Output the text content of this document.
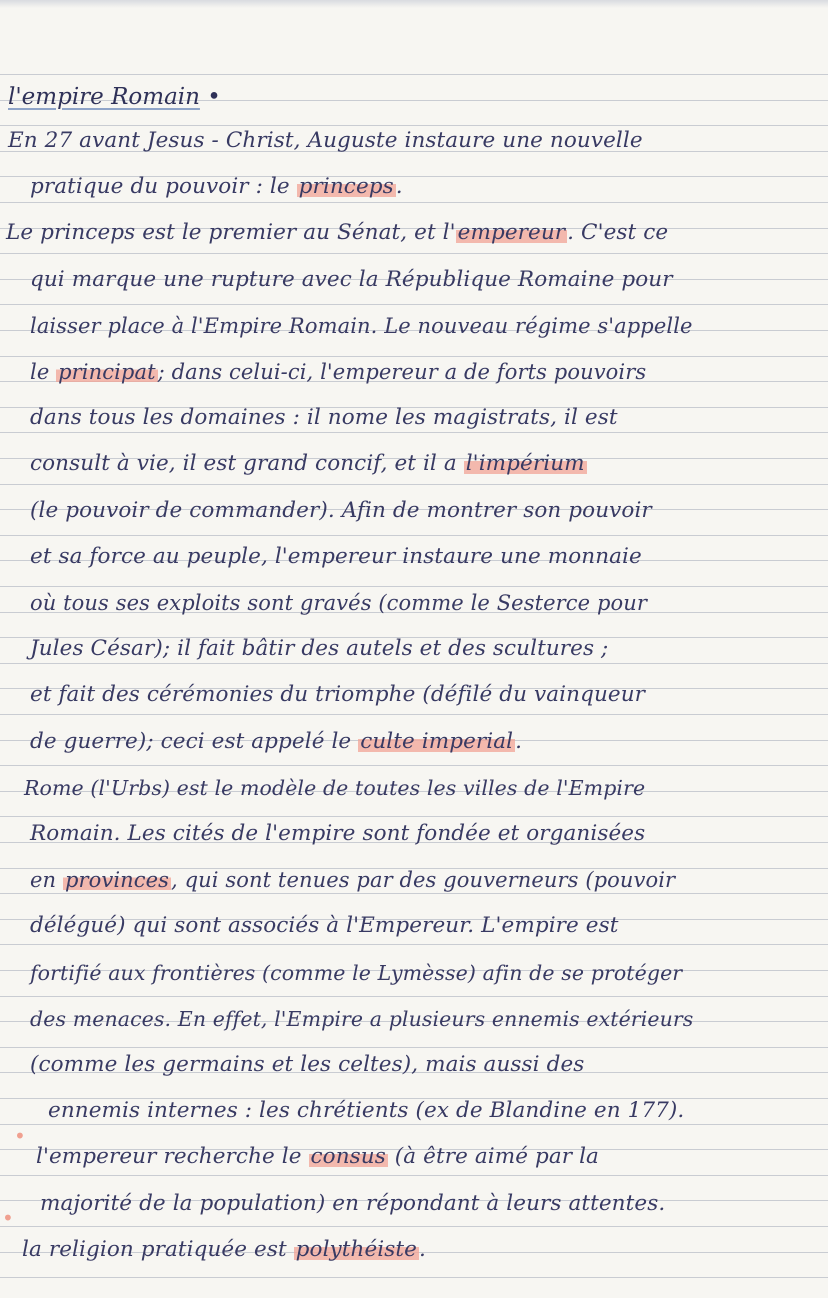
l'empire Romain •
En 27 avant Jesus - Christ, Auguste instaure une nouvelle
pratique du pouvoir : le princeps.
Le princeps est le premier au Sénat, et l'empereur. C'est ce
qui marque une rupture avec la République Romaine pour
laisser place à l'Empire Romain. Le nouveau régime s'appelle
le principat; dans celui-ci, l'empereur a de forts pouvoirs
dans tous les domaines : il nome les magistrats, il est
consult à vie, il est grand concif, et il a l'impérium
(le pouvoir de commander). Afin de montrer son pouvoir
et sa force au peuple, l'empereur instaure une monnaie
où tous ses exploits sont gravés (comme le Sesterce pour
Jules César); il fait bâtir des autels et des scultures ;
et fait des cérémonies du triomphe (défilé du vainqueur
de guerre); ceci est appelé le culte imperial.
Rome (l'Urbs) est le modèle de toutes les villes de l'Empire
Romain. Les cités de l'empire sont fondée et organisées
en provinces, qui sont tenues par des gouverneurs (pouvoir
délégué) qui sont associés à l'Empereur. L'empire est
fortifié aux frontières (comme le Lymèsse) afin de se protéger
des menaces. En effet, l'Empire a plusieurs ennemis extérieurs
(comme les germains et les celtes), mais aussi des
ennemis internes : les chrétients (ex de Blandine en 177).
l'empereur recherche le consus (à être aimé par la
majorité de la population) en répondant à leurs attentes.
la religion pratiquée est polythéiste.
•
•
